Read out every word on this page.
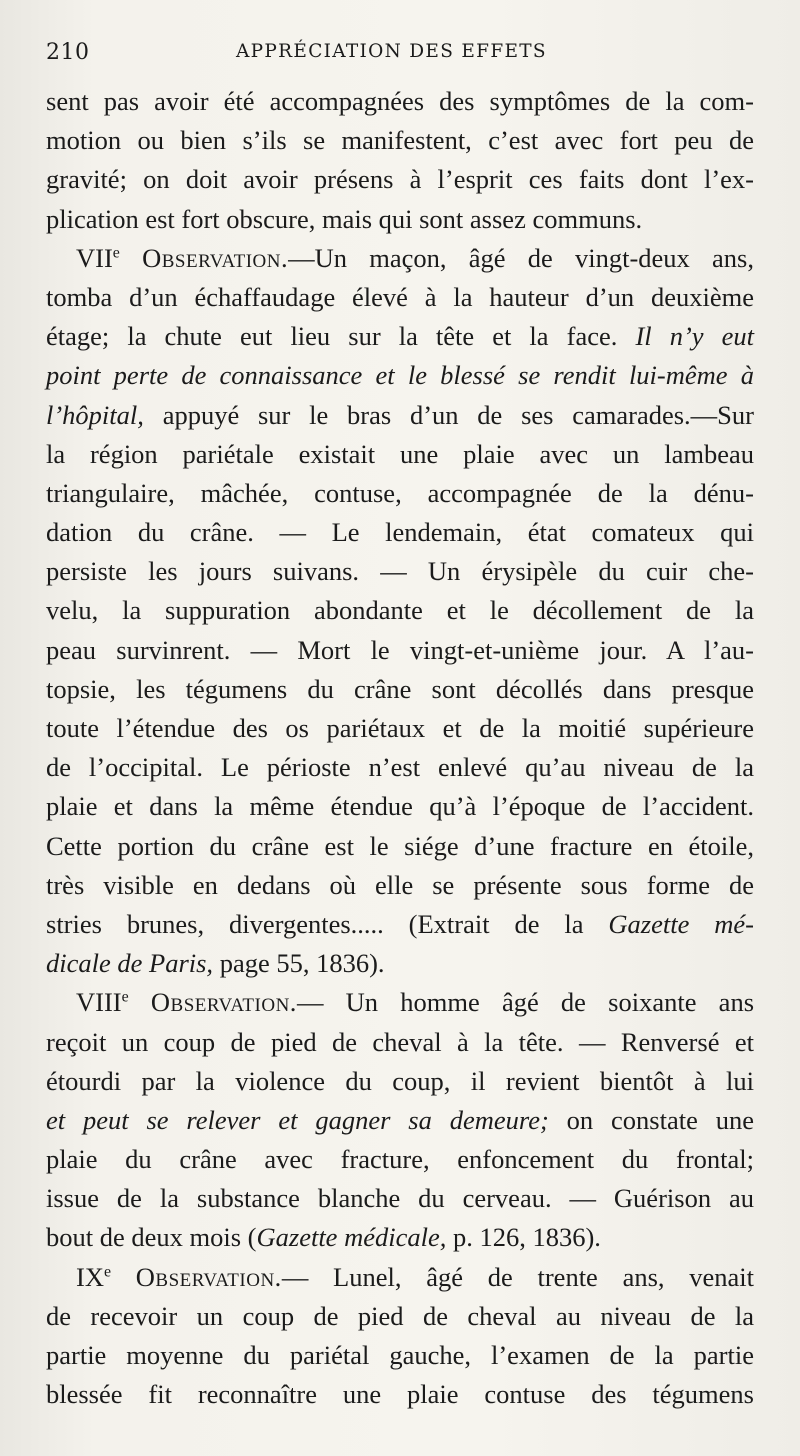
210	APPRÉCIATION DES EFFETS
sent pas avoir été accompagnées des symptômes de la com-
motion ou bien s’ils se manifestent, c’est avec fort peu de
gravité; on doit avoir présens à l’esprit ces faits dont l’ex-
plication est fort obscure, mais qui sont assez communs.
VIIe Observation.—Un maçon, âgé de vingt-deux ans,
tomba d’un échaffaudage élevé à la hauteur d’un deuxième
étage; la chute eut lieu sur la tête et la face. Il n’y eut
point perte de connaissance et le blessé se rendit lui-même à
l’hôpital, appuyé sur le bras d’un de ses camarades.—Sur
la région pariétale existait une plaie avec un lambeau
triangulaire, mâchée, contuse, accompagnée de la dénu-
dation du crâne. — Le lendemain, état comateux qui
persiste les jours suivans. — Un érysipèle du cuir che-
velu, la suppuration abondante et le décollement de la
peau survinrent. — Mort le vingt-et-unième jour. A l’au-
topsie, les tégumens du crâne sont décollés dans presque
toute l’étendue des os pariétaux et de la moitié supérieure
de l’occipital. Le périoste n’est enlevé qu’au niveau de la
plaie et dans la même étendue qu’à l’époque de l’accident.
Cette portion du crâne est le siége d’une fracture en étoile,
très visible en dedans où elle se présente sous forme de
stries brunes, divergentes..... (Extrait de la Gazette mé-
dicale de Paris, page 55, 1836).
VIIIe Observation.— Un homme âgé de soixante ans
reçoit un coup de pied de cheval à la tête. — Renversé et
étourdi par la violence du coup, il revient bientôt à lui
et peut se relever et gagner sa demeure; on constate une
plaie du crâne avec fracture, enfoncement du frontal;
issue de la substance blanche du cerveau. — Guérison au
bout de deux mois (Gazette médicale, p. 126, 1836).
IXe Observation.— Lunel, âgé de trente ans, venait
de recevoir un coup de pied de cheval au niveau de la
partie moyenne du pariétal gauche, l’examen de la partie
blessée fit reconnaître une plaie contuse des tégumens
